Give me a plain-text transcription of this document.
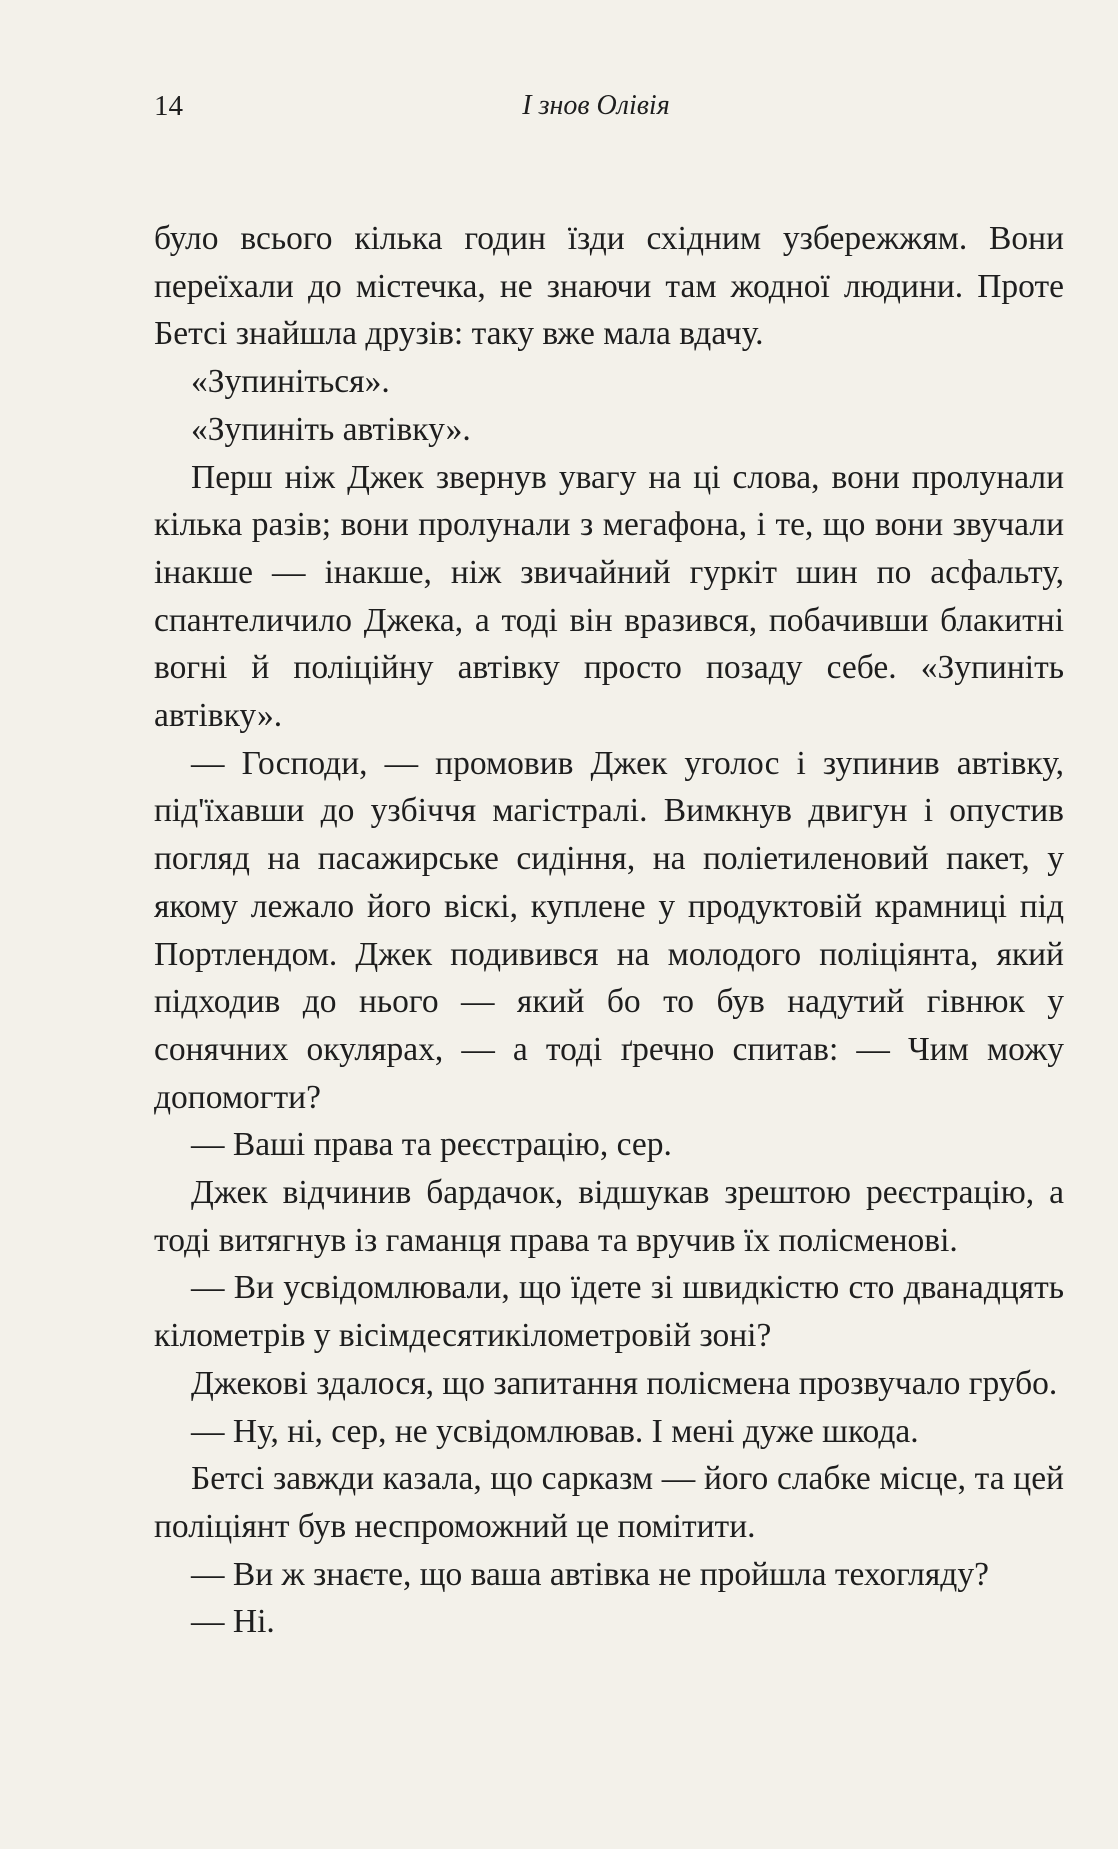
14	І знов Олівія

було всього кілька годин їзди східним узбережжям. Вони переїхали до містечка, не знаючи там жодної людини. Проте Бетсі знайшла друзів: таку вже мала вдачу.

«Зупиніться».

«Зупиніть автівку».

Перш ніж Джек звернув увагу на ці слова, вони пролунали кілька разів; вони пролунали з мегафона, і те, що вони звучали інакше — інакше, ніж звичайний гуркіт шин по асфальту, спантеличило Джека, а тоді він вразився, побачивши блакитні вогні й поліційну автівку просто позаду себе. «Зупиніть автівку».

— Господи, — промовив Джек уголос і зупинив автівку, під'їхавши до узбіччя магістралі. Вимкнув двигун і опустив погляд на пасажирське сидіння, на поліетиленовий пакет, у якому лежало його віскі, куплене у продуктовій крамниці під Портлендом. Джек подивився на молодого поліціянта, який підходив до нього — який бо то був надутий гівнюк у сонячних окулярах, — а тоді ґречно спитав: — Чим можу допомогти?

— Ваші права та реєстрацію, сер.

Джек відчинив бардачок, відшукав зрештою реєстрацію, а тоді витягнув із гаманця права та вручив їх полісменові.

— Ви усвідомлювали, що їдете зі швидкістю сто дванадцять кілометрів у вісімдесятикілометровій зоні?

Джекові здалося, що запитання полісмена прозвучало грубо.

— Ну, ні, сер, не усвідомлював. І мені дуже шкода.

Бетсі завжди казала, що сарказм — його слабке місце, та цей поліціянт був неспроможний це помітити.

— Ви ж знаєте, що ваша автівка не пройшла техогляду?

— Ні.
